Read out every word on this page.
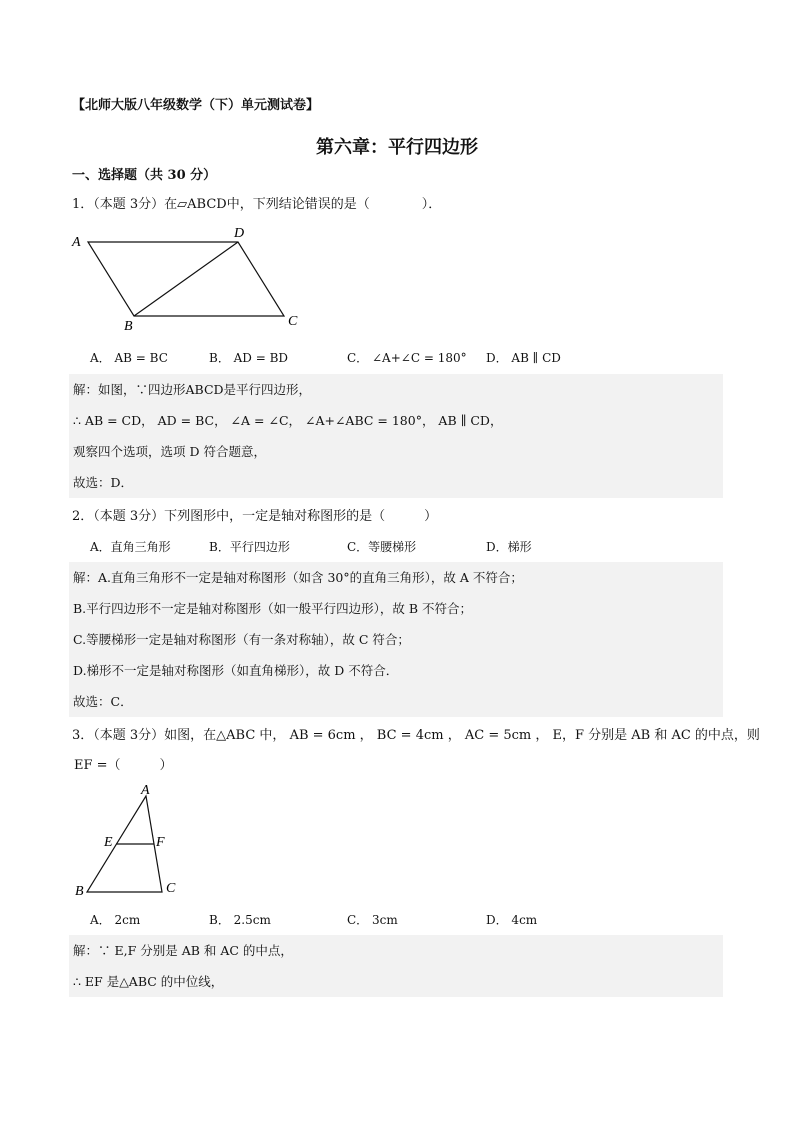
【北师大版八年级数学（下）单元测试卷】
第六章：平行四边形
一、选择题（共 30 分）
1．（本题 3分）在▱ABCD中，下列结论错误的是（　　　　）．
A
D
C
B
A． AB = BC	B． AD = BD	C． ∠A+∠C = 180° D． AB ∥ CD
解：如图，∵四边形ABCD是平行四边形，
∴ AB = CD， AD = BC， ∠A = ∠C， ∠A+∠ABC = 180°， AB ∥ CD，
观察四个选项，选项 D 符合题意，
故选：D．
2．（本题 3分）下列图形中，一定是轴对称图形的是（　　　）
A．直角三角形	B．平行四边形	C．等腰梯形	D．梯形
解：A.直角三角形不一定是轴对称图形（如含 30°的直角三角形），故 A 不符合；
B.平行四边形不一定是轴对称图形（如一般平行四边形），故 B 不符合；
C.等腰梯形一定是轴对称图形（有一条对称轴），故 C 符合；
D.梯形不一定是轴对称图形（如直角梯形），故 D 不符合．
故选：C．
3．（本题 3分）如图，在△ABC 中， AB = 6cm ， BC = 4cm ， AC = 5cm ， E，F 分别是 AB 和 AC 的中点，则
EF =（　　　）
A
E	F
B	C
A． 2cm	B． 2.5cm	C． 3cm	D． 4cm
解：∵ E,F 分别是 AB 和 AC 的中点，
∴ EF 是△ABC 的中位线，
